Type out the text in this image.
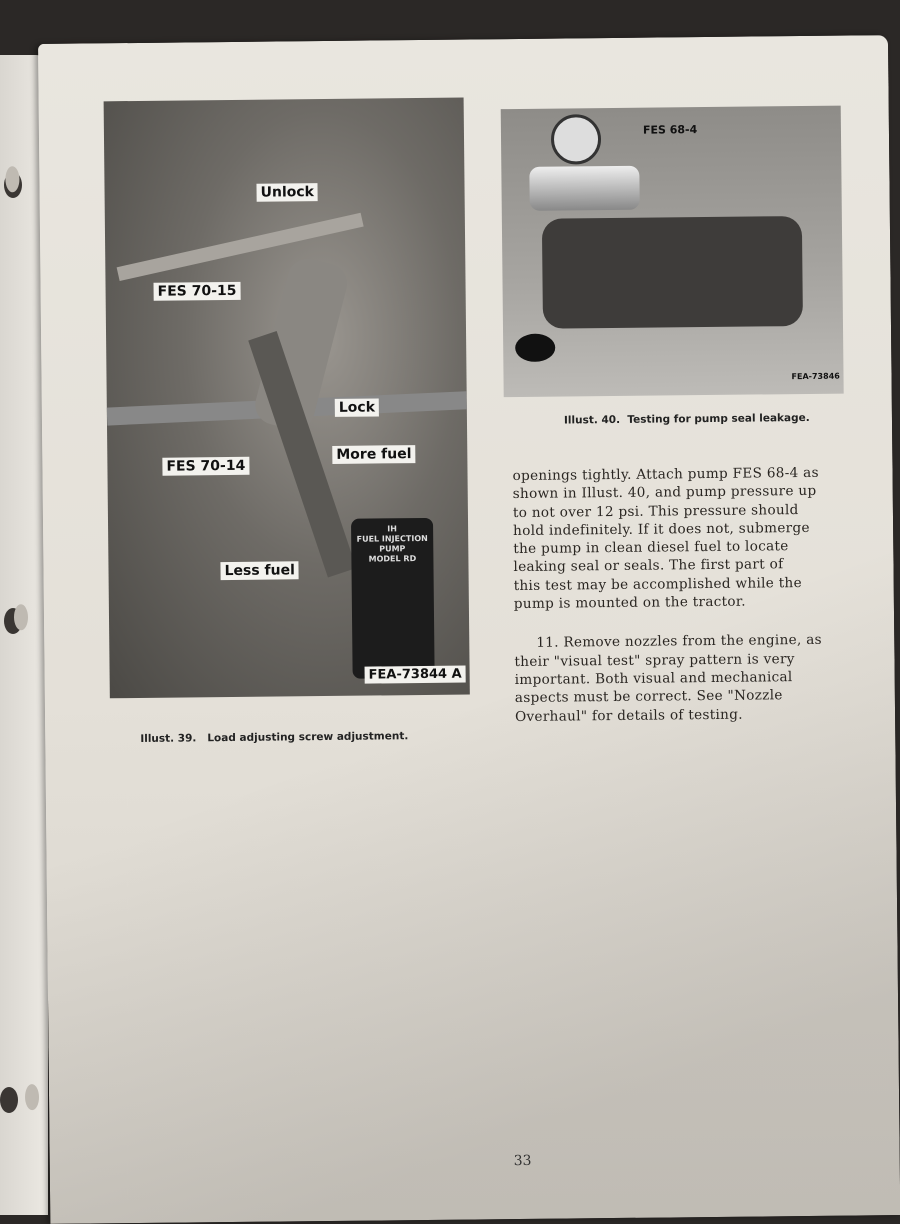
IH
FUEL INJECTION
PUMP
MODEL RD
Unlock
FES 70-15
Lock
FES 70-14
More fuel
Less fuel
FEA-73844 A
Illust. 39.   Load adjusting screw adjustment.
FES 68-4
FEA-73846
Illust. 40.  Testing for pump seal leakage.
openings tightly. Attach pump FES 68-4 as
shown in Illust. 40, and pump pressure up
to not over 12 psi. This pressure should
hold indefinitely. If it does not, submerge
the pump in clean diesel fuel to locate
leaking seal or seals. The first part of
this test may be accomplished while the
pump is mounted on the tractor.
11. Remove nozzles from the engine, as
their "visual test" spray pattern is very
important. Both visual and mechanical
aspects must be correct. See "Nozzle
Overhaul" for details of testing.
33
